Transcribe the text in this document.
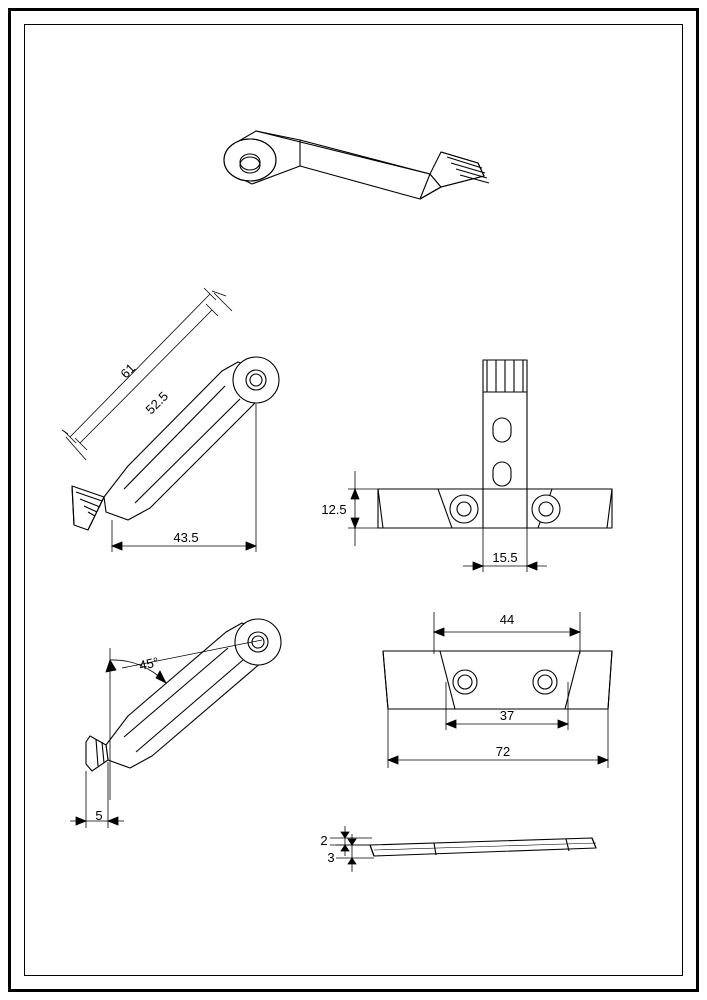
61
52.5
43.5
12.5
15.5
45°
5
44
37
72
2
3
